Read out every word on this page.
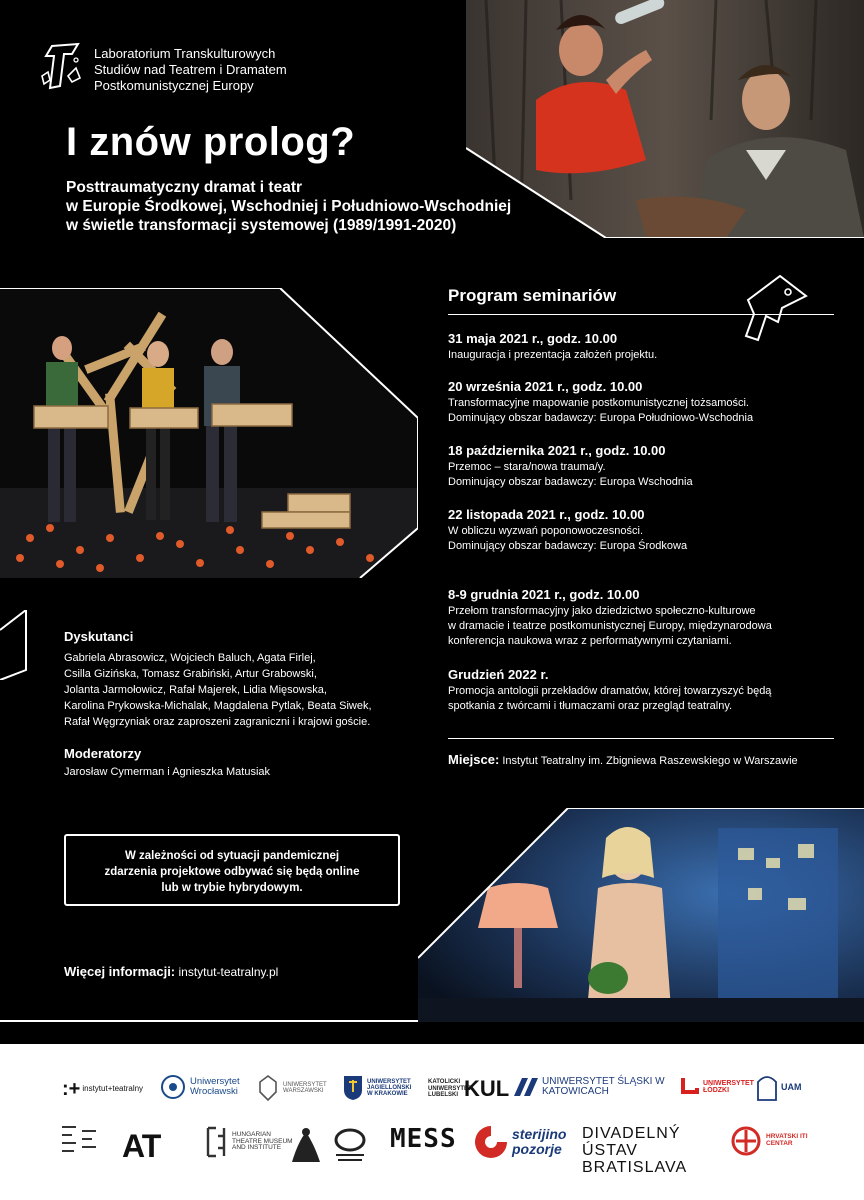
Laboratorium Transkulturowych
Studiów nad Teatrem i Dramatem
Postkomunistycznej Europy
I znów prolog?
Posttraumatyczny dramat i teatr
w Europie Środkowej, Wschodniej i Południowo-Wschodniej
w świetle transformacji systemowej (1989/1991-2020)
Program seminariów
31 maja 2021 r., godz. 10.00
Inauguracja i prezentacja założeń projektu.
20 września 2021 r., godz. 10.00
Transformacyjne mapowanie postkomunistycznej tożsamości.
Dominujący obszar badawczy: Europa Południowo-Wschodnia
18 października 2021 r., godz. 10.00
Przemoc – stara/nowa trauma/y.
Dominujący obszar badawczy: Europa Wschodnia
22 listopada 2021 r., godz. 10.00
W obliczu wyzwań poponowoczesności.
Dominujący obszar badawczy: Europa Środkowa
8-9 grudnia 2021 r., godz. 10.00
Przełom transformacyjny jako dziedzictwo społeczno-kulturowe
w dramacie i teatrze postkomunistycznej Europy, międzynarodowa
konferencja naukowa wraz z performatywnymi czytaniami.
Grudzień 2022 r.
Promocja antologii przekładów dramatów, której towarzyszyć będą
spotkania z twórcami i tłumaczami oraz przegląd teatralny.
Miejsce: Instytut Teatralny im. Zbigniewa Raszewskiego w Warszawie
Dyskutanci
Gabriela Abrasowicz, Wojciech Baluch, Agata Firlej,
Csilla Gizińska, Tomasz Grabiński, Artur Grabowski,
Jolanta Jarmołowicz, Rafał Majerek, Lidia Mięsowska,
Karolina Prykowska-Michalak, Magdalena Pytlak, Beata Siwek,
Rafał Węgrzyniak oraz zaproszeni zagraniczni i krajowi goście.
Moderatorzy
Jarosław Cymerman i Agnieszka Matusiak
W zależności od sytuacji pandemicznej
zdarzenia projektowe odbywać się będą online
lub w trybie hybrydowym.
Więcej informacji: instytut-teatralny.pl
:+ instytut+teatralny
Uniwersytet Wrocławski
UNIWERSYTET WARSZAWSKI
UNIWERSYTET JAGIELLOŃSKI W KRAKOWIE
KATOLICKI UNIWERSYTET LUBELSKI KUL	UNIWERSYTET ŚLĄSKI W KATOWICACH
UNIWERSYTET ŁÓDZKI	UAM
AT	HUNGARIAN THEATRE MUSEUM AND INSTITUTE	MESS	sterijino pozorje
DIVADELNÝ ÚSTAV BRATISLAVA
HRVATSKI ITI CENTAR
